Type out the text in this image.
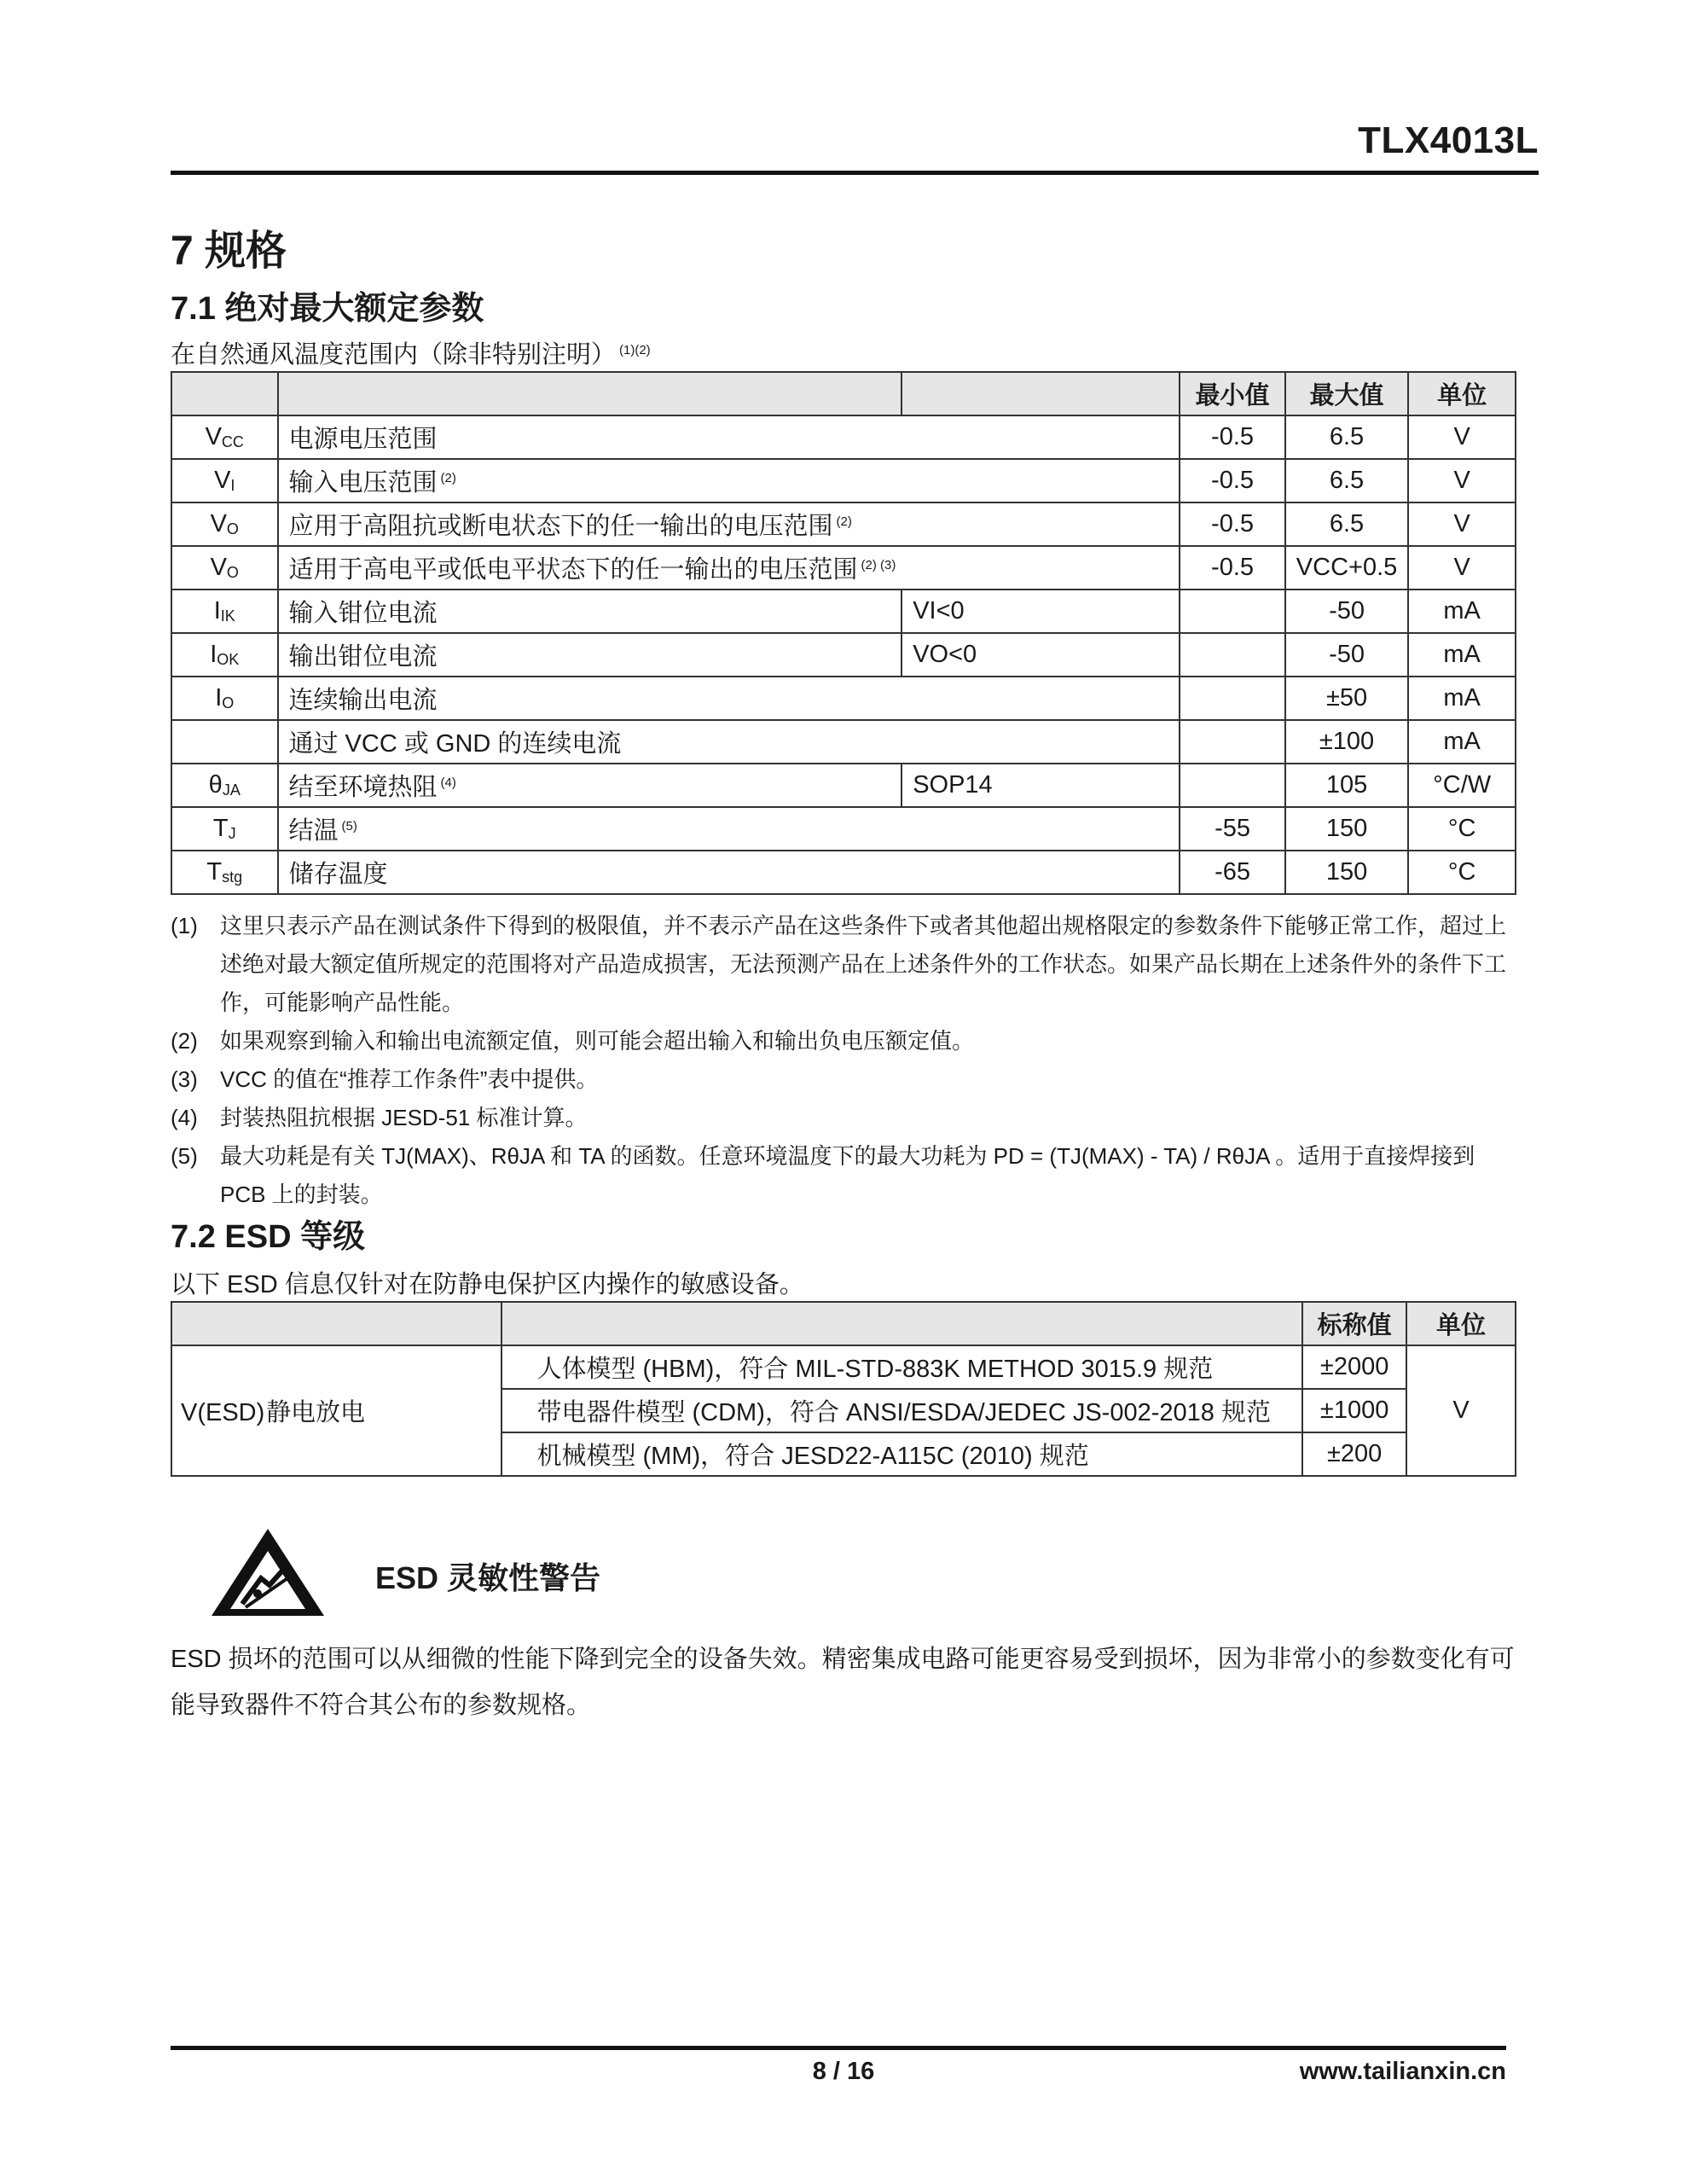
TLX4013L
7 规格
7.1 绝对最大额定参数
在自然通风温度范围内（除非特别注明） $^{(1)(2)}$
			最小值	最大值	单位
$V_{CC}$	电源电压范围		-0.5	6.5	V
$V_I$	输入电压范围 $^{(2)}$		-0.5	6.5	V
$V_O$	应用于高阻抗或断电状态下的任一输出的电压范围 $^{(2)}$		-0.5	6.5	V
$V_O$	适用于高电平或低电平状态下的任一输出的电压范围 $^{(2) (3)}$		-0.5	VCC+0.5	V
$I_{IK}$	输入钳位电流	VI<0		-50	mA
$I_{OK}$	输出钳位电流	VO<0		-50	mA
$I_O$	连续输出电流			±50	mA
	通过 VCC 或 GND 的连续电流			±100	mA
$\theta_{JA}$	结至环境热阻 $^{(4)}$	SOP14		105	°C/W
$T_J$	结温 $^{(5)}$		-55	150	°C
$T_{stg}$	储存温度		-65	150	°C
(1)	这里只表示产品在测试条件下得到的极限值，并不表示产品在这些条件下或者其他超出规格限定的参数条件下能够正常工作，超过上述绝对最大额定值所规定的范围将对产品造成损害，无法预测产品在上述条件外的工作状态。如果产品长期在上述条件外的条件下工作，可能影响产品性能。
(2)	如果观察到输入和输出电流额定值，则可能会超出输入和输出负电压额定值。
(3)	VCC 的值在“推荐工作条件”表中提供。
(4)	封装热阻抗根据 JESD-51 标准计算。
(5)	最大功耗是有关 TJ(MAX)、RθJA 和 TA 的函数。任意环境温度下的最大功耗为 PD = (TJ(MAX) - TA) / RθJA 。适用于直接焊接到 PCB 上的封装。
7.2 ESD 等级
以下 ESD 信息仅针对在防静电保护区内操作的敏感设备。
		标称值	单位
V(ESD)静电放电	人体模型 (HBM)，符合 MIL-STD-883K METHOD 3015.9 规范	±2000	V
	带电器件模型 (CDM)，符合 ANSI/ESDA/JEDEC JS-002-2018 规范	±1000	
	机械模型 (MM)，符合 JESD22-A115C (2010) 规范	±200	
ESD 灵敏性警告
ESD 损坏的范围可以从细微的性能下降到完全的设备失效。精密集成电路可能更容易受到损坏，因为非常小的参数变化有可能导致器件不符合其公布的参数规格。
8 / 16	www.tailianxin.cn
